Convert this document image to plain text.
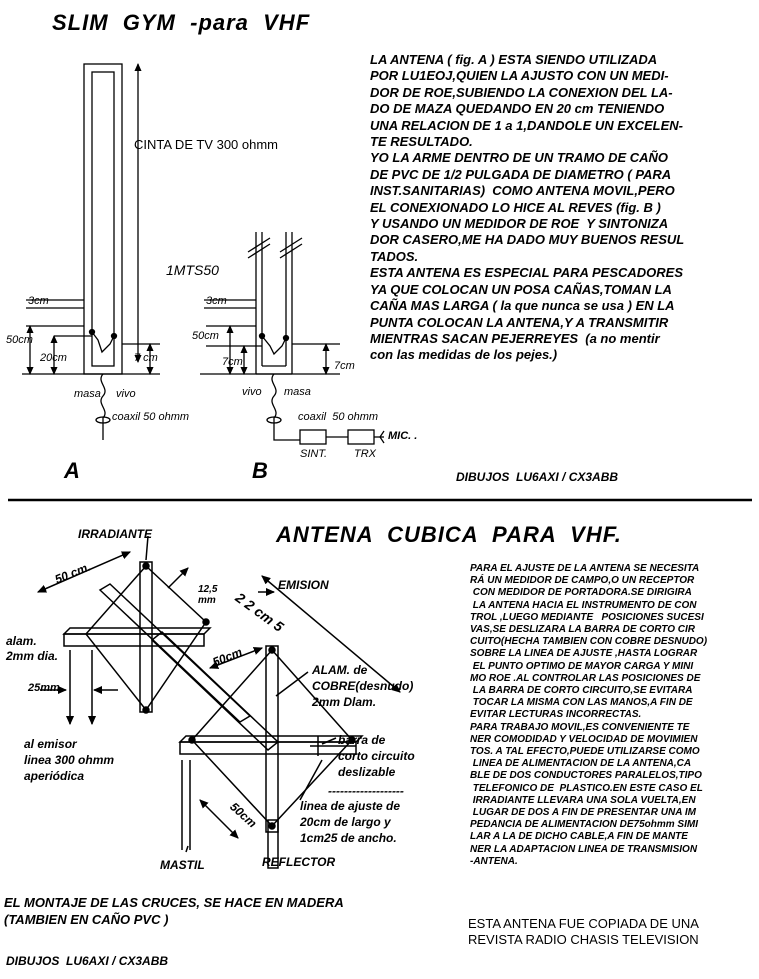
SLIM  GYM  -para  VHF
LA ANTENA ( fig. A ) ESTA SIENDO UTILIZADA
POR LU1EOJ,QUIEN LA AJUSTO CON UN MEDI-
DOR DE ROE,SUBIENDO LA CONEXION DEL LA-
DO DE MAZA QUEDANDO EN 20 cm TENIENDO
UNA RELACION DE 1 a 1,DANDOLE UN EXCELEN-
TE RESULTADO.
YO LA ARME DENTRO DE UN TRAMO DE CAÑO
DE PVC DE 1/2 PULGADA DE DIAMETRO ( PARA
INST.SANITARIAS)  COMO ANTENA MOVIL,PERO
EL CONEXIONADO LO HICE AL REVES (fig. B )
Y USANDO UN MEDIDOR DE ROE  Y SINTONIZA
DOR CASERO,ME HA DADO MUY BUENOS RESUL
TADOS.
ESTA ANTENA ES ESPECIAL PARA PESCADORES
YA QUE COLOCAN UN POSA CAÑAS,TOMAN LA
CAÑA MAS LARGA ( la que nunca se usa ) EN LA
PUNTA COLOCAN LA ANTENA,Y A TRANSMITIR
MIENTRAS SACAN PEJERREYES  (a no mentir
con las medidas de los pejes.)
CINTA DE TV 300 ohmm
1MTS50
3cm
50cm
20cm	7 cm
masa vivo
coaxil 50 ohmm
3cm
50cm
7cm	7cm
vivo masa
coaxil  50 ohmm
MIC. .
SINT. TRX
A	B	DIBUJOS  LU6AXI / CX3ABB
ANTENA  CUBICA  PARA  VHF.
IRRADIANTE
EMISION
50 cm.
12,5
mm 2 2 cm 5
alam.
2mm dia.
25mm
50cm
ALAM. de
COBRE(desnudo)
2mm Dlam.
al emisor
linea 300 ohmm
aperiódica
barra de
corto circuito
deslizable
-------------------
linea de ajuste de
20cm de largo y
1cm25 de ancho.
50cm
MASTIL	REFLECTOR
PARA EL AJUSTE DE LA ANTENA SE NECESITA
RÁ UN MEDIDOR DE CAMPO,O UN RECEPTOR
CON MEDIDOR DE PORTADORA.SE DIRIGIRA
LA ANTENA HACIA EL INSTRUMENTO DE CON
TROL ,LUEGO MEDIANTE   POSICIONES SUCESI
VAS,SE DESLIZARA LA BARRA DE CORTO CIR
CUITO(HECHA TAMBIEN CON COBRE DESNUDO)
SOBRE LA LINEA DE AJUSTE ,HASTA LOGRAR
EL PUNTO OPTIMO DE MAYOR CARGA Y MINI
MO ROE .AL CONTROLAR LAS POSICIONES DE
LA BARRA DE CORTO CIRCUITO,SE EVITARA
TOCAR LA MISMA CON LAS MANOS,A FIN DE
EVITAR LECTURAS INCORRECTAS.
PARA TRABAJO MOVIL,ES CONVENIENTE TE
NER COMODIDAD Y VELOCIDAD DE MOVIMIEN
TOS. A TAL EFECTO,PUEDE UTILIZARSE COMO
LINEA DE ALIMENTACION DE LA ANTENA,CA
BLE DE DOS CONDUCTORES PARALELOS,TIPO
TELEFONICO DE  PLASTICO.EN ESTE CASO EL
IRRADIANTE LLEVARA UNA SOLA VUELTA,EN
LUGAR DE DOS A FIN DE PRESENTAR UNA IM
PEDANCIA DE ALIMENTACION DE75ohmm SIMI
LAR A LA DE DICHO CABLE,A FIN DE MANTE
NER LA ADAPTACION LINEA DE TRANSMISION
-ANTENA.
ESTA ANTENA FUE COPIADA DE UNA
REVISTA RADIO CHASIS TELEVISION
EL MONTAJE DE LAS CRUCES, SE HACE EN MADERA
(TAMBIEN EN CAÑO PVC )
DIBUJOS  LU6AXI / CX3ABB
